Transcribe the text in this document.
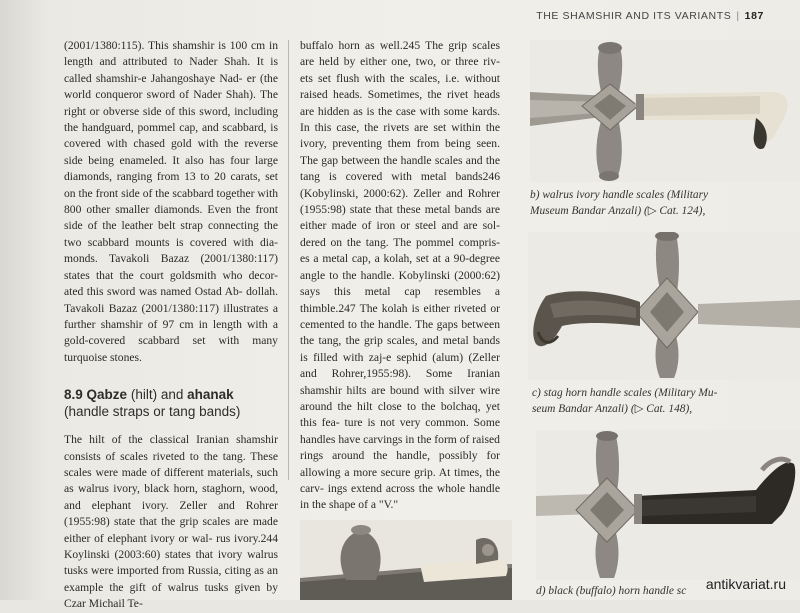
THE SHAMSHIR AND ITS VARIANTS | 187

(2001/1380:115). This shamshir is 100 cm in length and attributed to Nader Shah. It is called shamshir-e Jahangoshaye Nad- er (the world conqueror sword of Nader Shah). The right or obverse side of this sword, including the handguard, pommel cap, and scabbard, is covered with chased gold with the reverse side being enameled. It also has four large diamonds, ranging from 13 to 20 carats, set on the front side of the scabbard together with 800 other smaller diamonds. Even the front side of the leather belt strap connecting the two scabbard mounts is covered with dia- monds. Tavakoli Bazaz (2001/1380:117) states that the court goldsmith who decor- ated this sword was named Ostad Ab- dollah. Tavakoli Bazaz (2001/1380:117) illustrates a further shamshir of 97 cm in length with a gold-covered scabbard set with many turquoise stones.

8.9 Qabze (hilt) and ahanak (handle straps or tang bands)

The hilt of the classical Iranian shamshir consists of scales riveted to the tang. These scales were made of different materials, such as walrus ivory, black horn, staghorn, wood, and elephant ivory. Zeller and Rohrer (1955:98) state that the grip scales are made either of elephant ivory or wal- rus ivory.244 Koylinski (2003:60) states that ivory walrus tusks were imported from Russia, citing as an example the gift of walrus tusks given by Czar Michail Te-

buffalo horn as well.245 The grip scales are held by either one, two, or three riv- ets set flush with the scales, i.e. without raised heads. Sometimes, the rivet heads are hidden as is the case with some kards. In this case, the rivets are set within the ivory, preventing them from being seen. The gap between the handle scales and the tang is covered with metal bands246 (Kobylinski, 2000:62). Zeller and Rohrer (1955:98) state that these metal bands are either made of iron or steel and are sol- dered on the tang. The pommel compris- es a metal cap, a kolah, set at a 90-degree angle to the handle. Kobylinski (2000:62) says this metal cap resembles a thimble.247 The kolah is either riveted or cemented to the handle. The gaps between the tang, the grip scales, and metal bands is filled with zaj-e sephid (alum) (Zeller and Rohrer,1955:98). Some Iranian shamshir hilts are bound with silver wire around the hilt close to the bolchaq, yet this fea- ture is not very common. Some handles have carvings in the form of raised rings around the handle, possibly for allowing a more secure grip. At times, the carv- ings extend across the whole handle in the shape of a "V."

b) walrus ivory handle scales (Military
Museum Bandar Anzali) (▷ Cat. 124),
c) stag horn handle scales (Military Mu-
seum Bandar Anzali) (▷ Cat. 148),
d) black (buffalo) horn handle sc	antikvariat.ru
